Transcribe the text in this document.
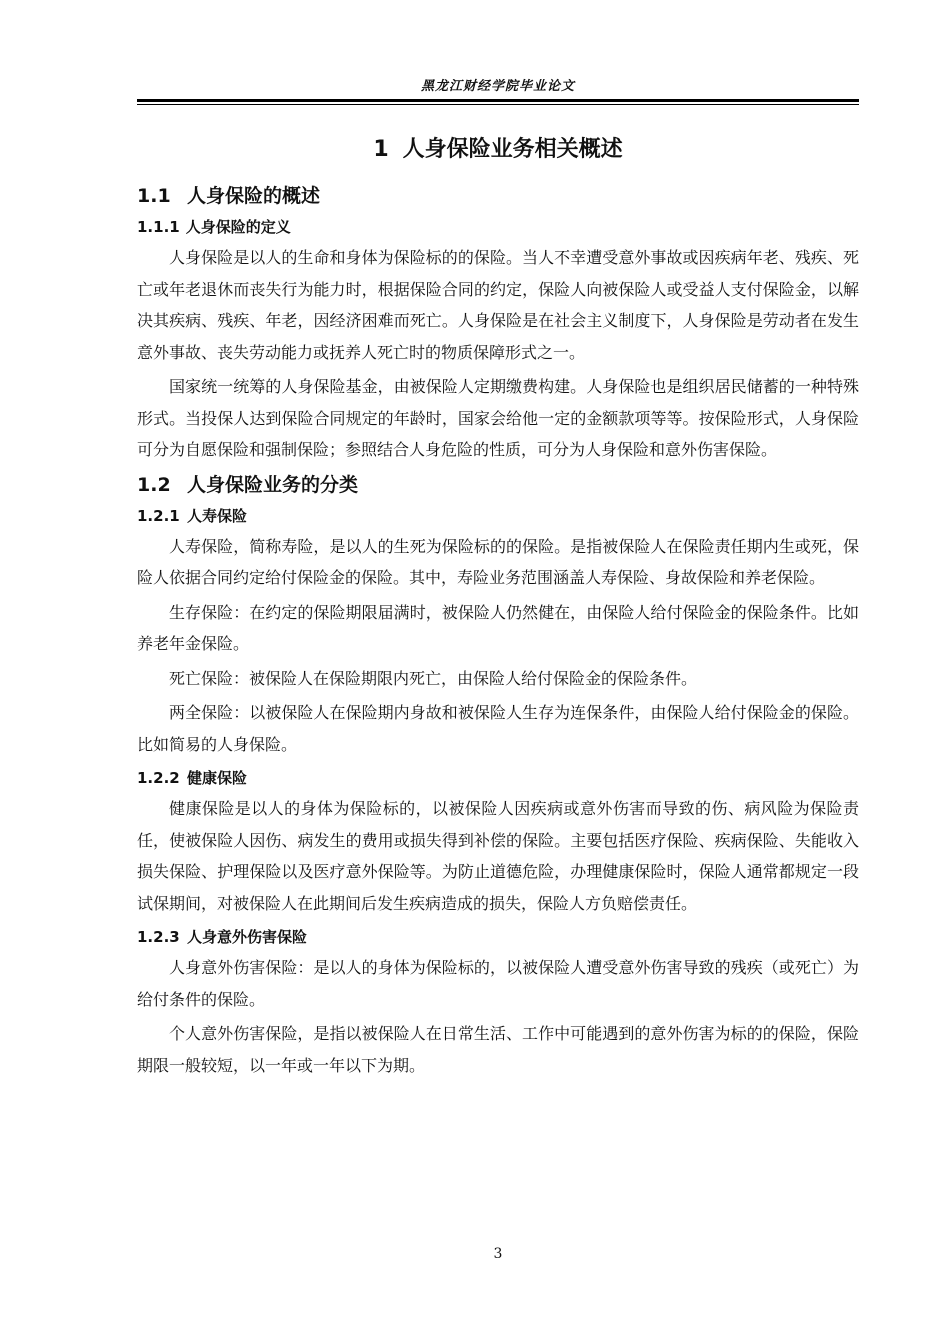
黑龙江财经学院毕业论文
1 人身保险业务相关概述
1.1 人身保险的概述
1.1.1 人身保险的定义

人身保险是以人的生命和身体为保险标的的保险。当人不幸遭受意外事故或因疾病年老、残疾、死亡或年老退休而丧失行为能力时，根据保险合同的约定，保险人向被保险人或受益人支付保险金，以解决其疾病、残疾、年老，因经济困难而死亡。人身保险是在社会主义制度下，人身保险是劳动者在发生意外事故、丧失劳动能力或抚养人死亡时的物质保障形式之一。

国家统一统筹的人身保险基金，由被保险人定期缴费构建。人身保险也是组织居民储蓄的一种特殊形式。当投保人达到保险合同规定的年龄时，国家会给他一定的金额款项等等。按保险形式，人身保险可分为自愿保险和强制保险；参照结合人身危险的性质，可分为人身保险和意外伤害保险。

1.2 人身保险业务的分类
1.2.1 人寿保险

人寿保险，简称寿险，是以人的生死为保险标的的保险。是指被保险人在保险责任期内生或死，保险人依据合同约定给付保险金的保险。其中，寿险业务范围涵盖人寿保险、身故保险和养老保险。

生存保险：在约定的保险期限届满时，被保险人仍然健在，由保险人给付保险金的保险条件。比如养老年金保险。

死亡保险：被保险人在保险期限内死亡，由保险人给付保险金的保险条件。

两全保险：以被保险人在保险期内身故和被保险人生存为连保条件，由保险人给付保险金的保险。比如简易的人身保险。

1.2.2 健康保险

健康保险是以人的身体为保险标的，以被保险人因疾病或意外伤害而导致的伤、病风险为保险责任，使被保险人因伤、病发生的费用或损失得到补偿的保险。主要包括医疗保险、疾病保险、失能收入损失保险、护理保险以及医疗意外保险等。为防止道德危险，办理健康保险时，保险人通常都规定一段试保期间，对被保险人在此期间后发生疾病造成的损失，保险人方负赔偿责任。

1.2.3 人身意外伤害保险

人身意外伤害保险：是以人的身体为保险标的，以被保险人遭受意外伤害导致的残疾（或死亡）为给付条件的保险。

个人意外伤害保险，是指以被保险人在日常生活、工作中可能遇到的意外伤害为标的的保险，保险期限一般较短，以一年或一年以下为期。

3
